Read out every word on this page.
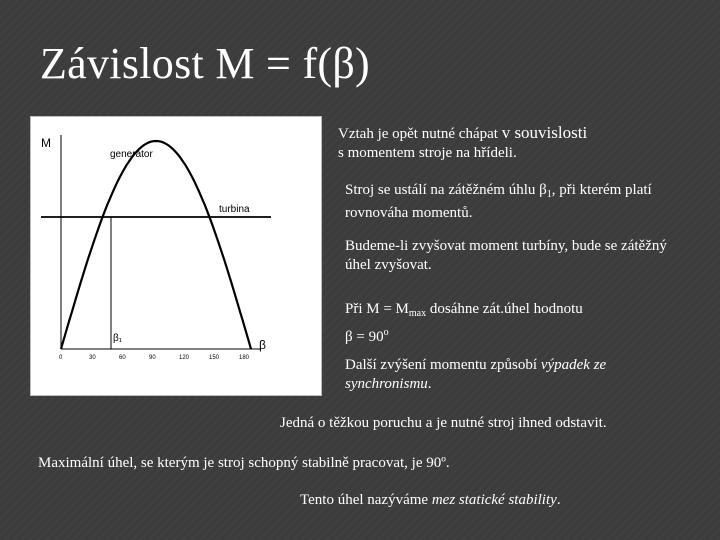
Závislost M = f(β)
M
generator
turbina
β₁	β
0	30	60	90	120	150	180
Vztah je opět nutné chápat v souvislosti
s momentem stroje na hřídeli.
Stroj se ustálí na zátěžném úhlu $\beta_1$, při kterém platí rovnováha momentů.
Budeme-li zvyšovat moment turbíny, bude se zátěžný úhel zvyšovat.
Při $M = M_{max}$ dosáhne zát.úhel hodnotu
$\beta = 90^o$
Další zvýšení momentu způsobí výpadek ze synchronismu.
Jedná o těžkou poruchu a je nutné stroj ihned odstavit.
Maximální úhel, se kterým je stroj schopný stabilně pracovat, je 90º.
Tento úhel nazýváme mez statické stability.
